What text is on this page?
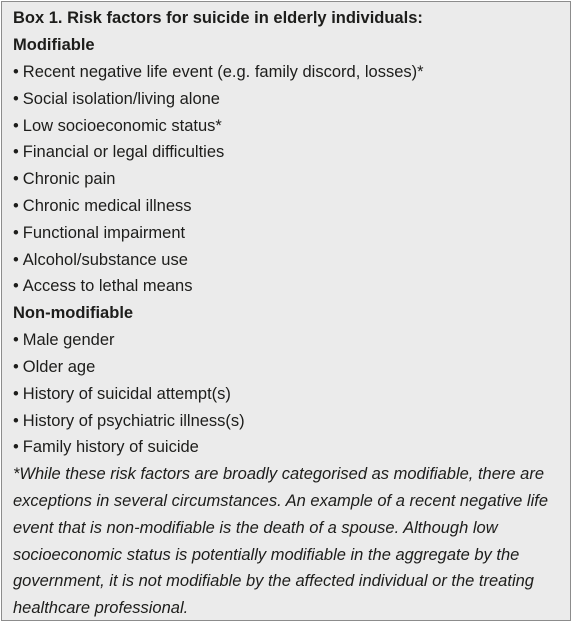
Box 1. Risk factors for suicide in elderly individuals:
Modifiable
• Recent negative life event (e.g. family discord, losses)*
• Social isolation/living alone
• Low socioeconomic status*
• Financial or legal difficulties
• Chronic pain
• Chronic medical illness
• Functional impairment
• Alcohol/substance use
• Access to lethal means
Non-modifiable
• Male gender
• Older age
• History of suicidal attempt(s)
• History of psychiatric illness(s)
• Family history of suicide
*While these risk factors are broadly categorised as modifiable, there are exceptions in several circumstances. An example of a recent negative life event that is non-modifiable is the death of a spouse. Although low socioeconomic status is potentially modifiable in the aggregate by the government, it is not modifiable by the affected individual or the treating healthcare professional.
